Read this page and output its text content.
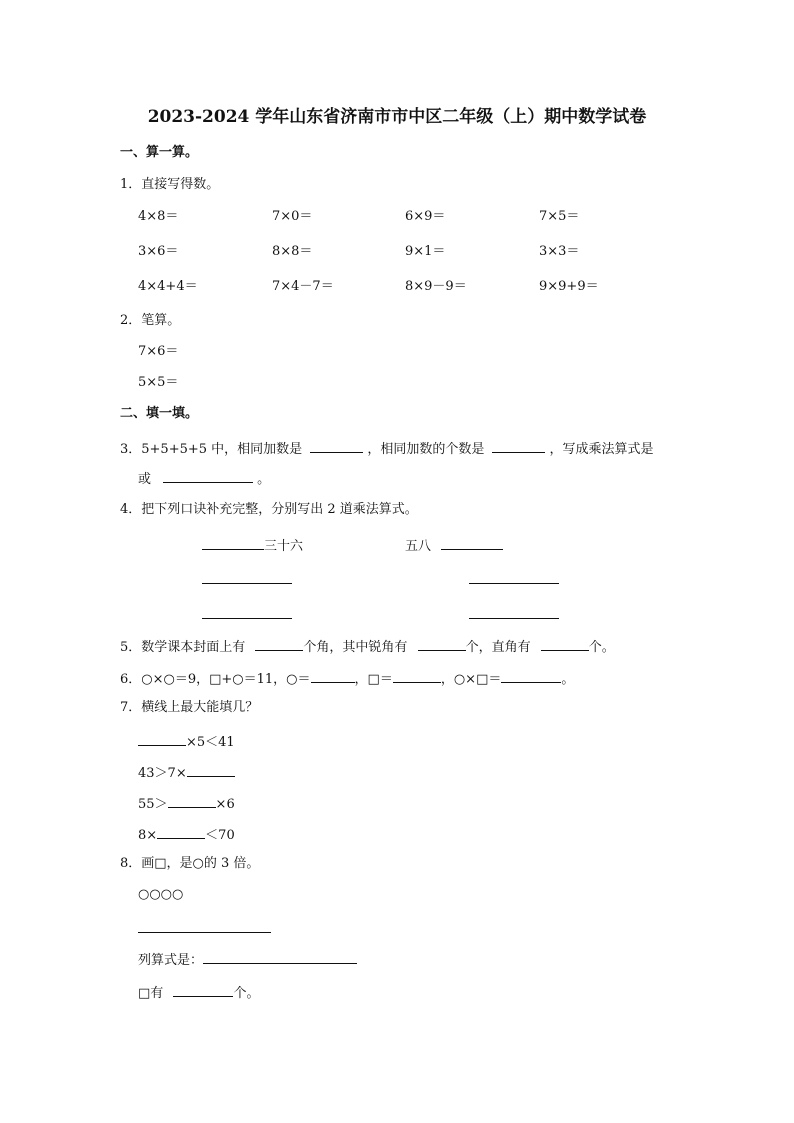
2023-2024 学年山东省济南市市中区二年级（上）期中数学试卷
一、算一算。
1．直接写得数。
4×8＝	7×0＝	6×9＝	7×5＝
3×6＝	8×8＝	9×1＝	3×3＝
4×4+4＝	7×4－7＝	8×9－9＝	9×9+9＝
2．笔算。
7×6＝
5×5＝
二、填一填。
3．5+5+5+5 中，相同加数是	，相同加数的个数是	，写成乘法算式是
或	。
4．把下列口诀补充完整，分别写出 2 道乘法算式。
三十六	五八
5．数学课本封面上有	个角，其中锐角有	个，直角有	个。
6．○×○＝9，□+○＝11，○＝	，□＝	，○×□＝	。
7．横线上最大能填几？
×5＜41
43＞7×
55＞	×6
8×	＜70
8．画□，是○的 3 倍。
○○○○
列算式是：
□有	个。
